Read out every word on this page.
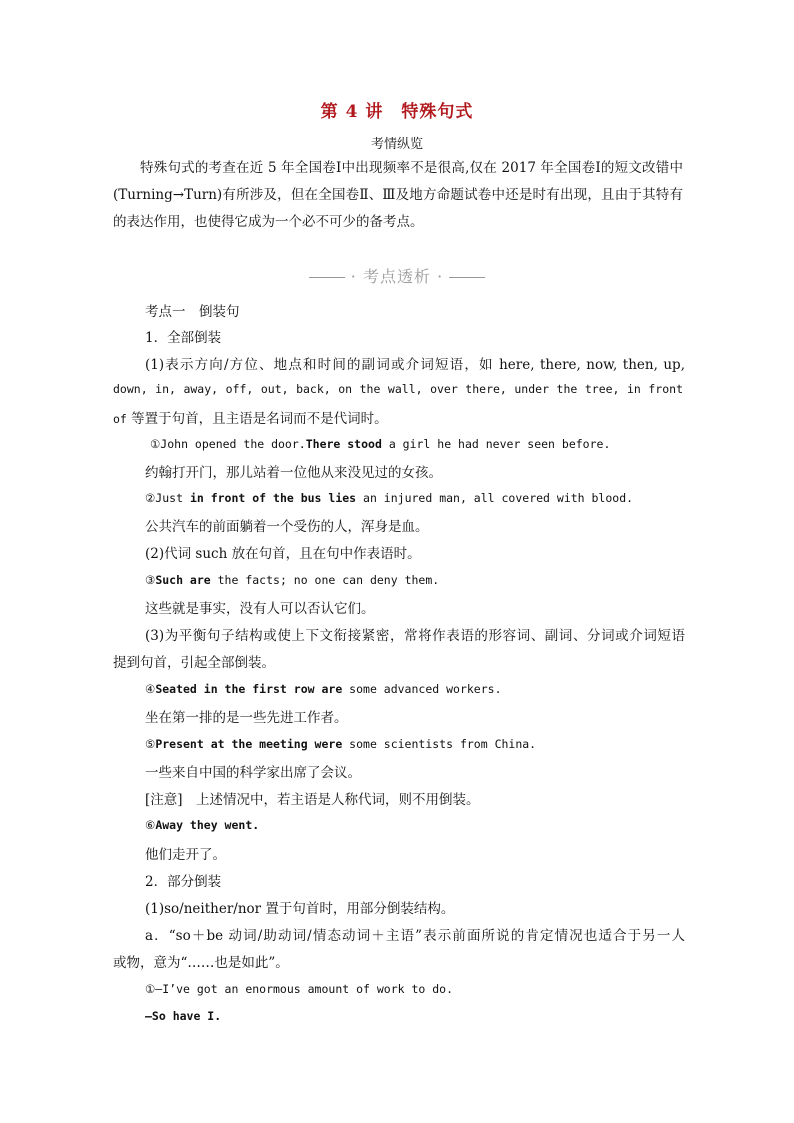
第 4 讲　特殊句式
考情纵览
特殊句式的考查在近 5 年全国卷Ⅰ中出现频率不是很高,仅在 2017 年全国卷Ⅰ的短文改错中(Turning→Turn)有所涉及，但在全国卷Ⅱ、Ⅲ及地方命题试卷中还是时有出现，且由于其特有的表达作用，也使得它成为一个必不可少的备考点。
· 考点透析 ·
考点一　倒装句
1．全部倒装
(1)表示方向/方位、地点和时间的副词或介词短语，如 here, there, now, then, up,
down, in, away, off, out, back, on the wall, over there, under the tree, in front
of 等置于句首，且主语是名词而不是代词时。
①John opened the door.There stood a girl he had never seen before.
约翰打开门，那儿站着一位他从来没见过的女孩。
②Just in front of the bus lies an injured man, all covered with blood.
公共汽车的前面躺着一个受伤的人，浑身是血。
(2)代词 such 放在句首，且在句中作表语时。
③Such are the facts; no one can deny them.
这些就是事实，没有人可以否认它们。
(3)为平衡句子结构或使上下文衔接紧密，常将作表语的形容词、副词、分词或介词短语
提到句首，引起全部倒装。
④Seated in the first row are some advanced workers.
坐在第一排的是一些先进工作者。
⑤Present at the meeting were some scientists from China.
一些来自中国的科学家出席了会议。
[注意]　上述情况中，若主语是人称代词，则不用倒装。
⑥Away they went.
他们走开了。
2．部分倒装
(1)so/neither/nor 置于句首时，用部分倒装结构。
a．“so＋be 动词/助动词/情态动词＋主语”表示前面所说的肯定情况也适合于另一人
或物，意为“……也是如此”。
①—I’ve got an enormous amount of work to do.
—So have I.
